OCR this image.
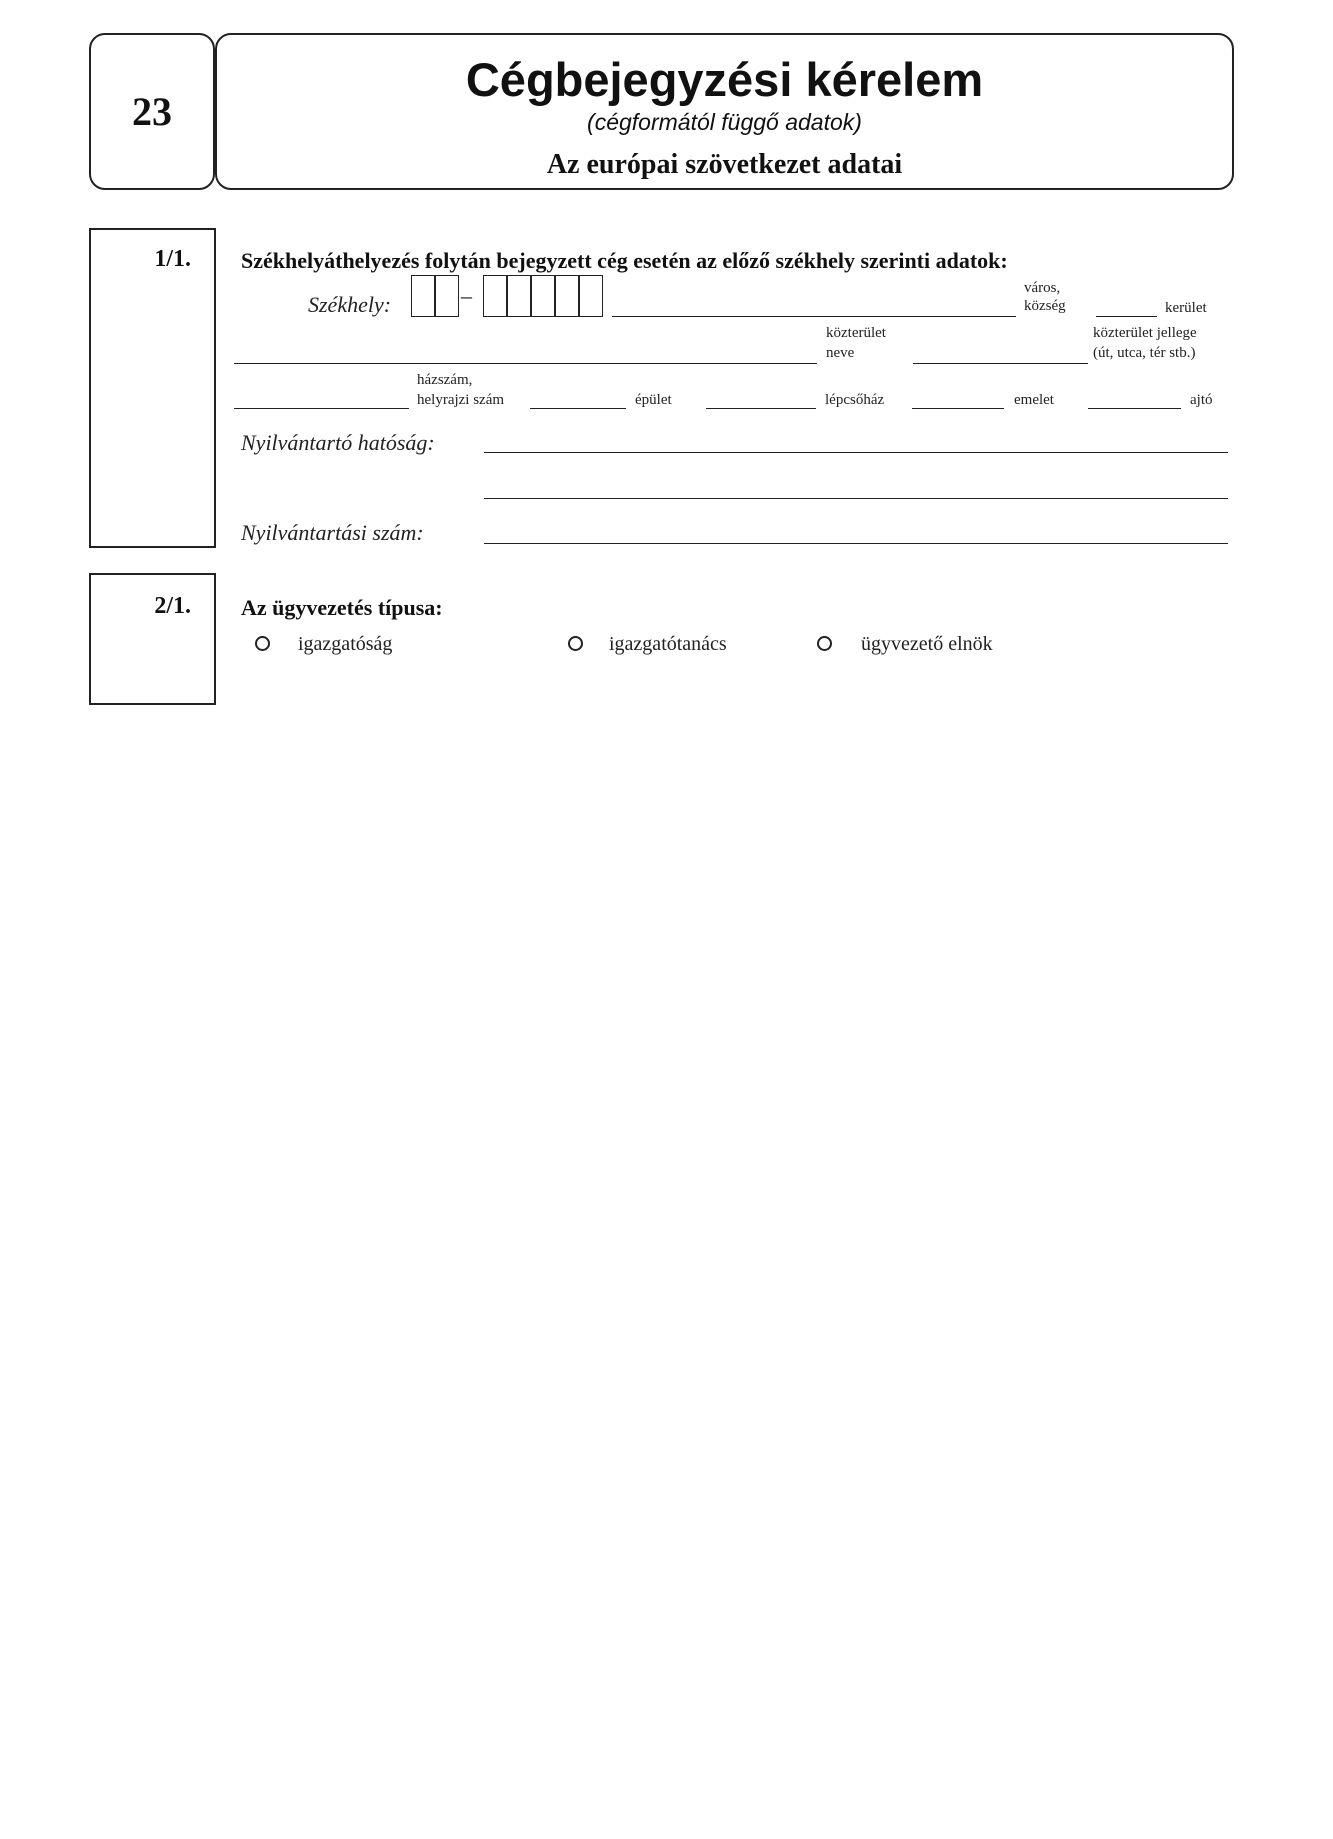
23
Cégbejegyzési kérelem
(cégformától függő adatok)
Az európai szövetkezet adatai
1/1. Székhelyáthelyezés folytán bejegyzett cég esetén az előző székhely szerinti adatok:
Székhely:	–	város,
község	kerület
közterület
neve
közterület jellege
(út, utca, tér stb.)
házszám,
helyrajzi szám	épület	lépcsőház	emelet	ajtó
Nyilvántartó hatóság:
Nyilvántartási szám:
2/1. Az ügyvezetés típusa:
igazgatóság	igazgatótanács	ügyvezető elnök
